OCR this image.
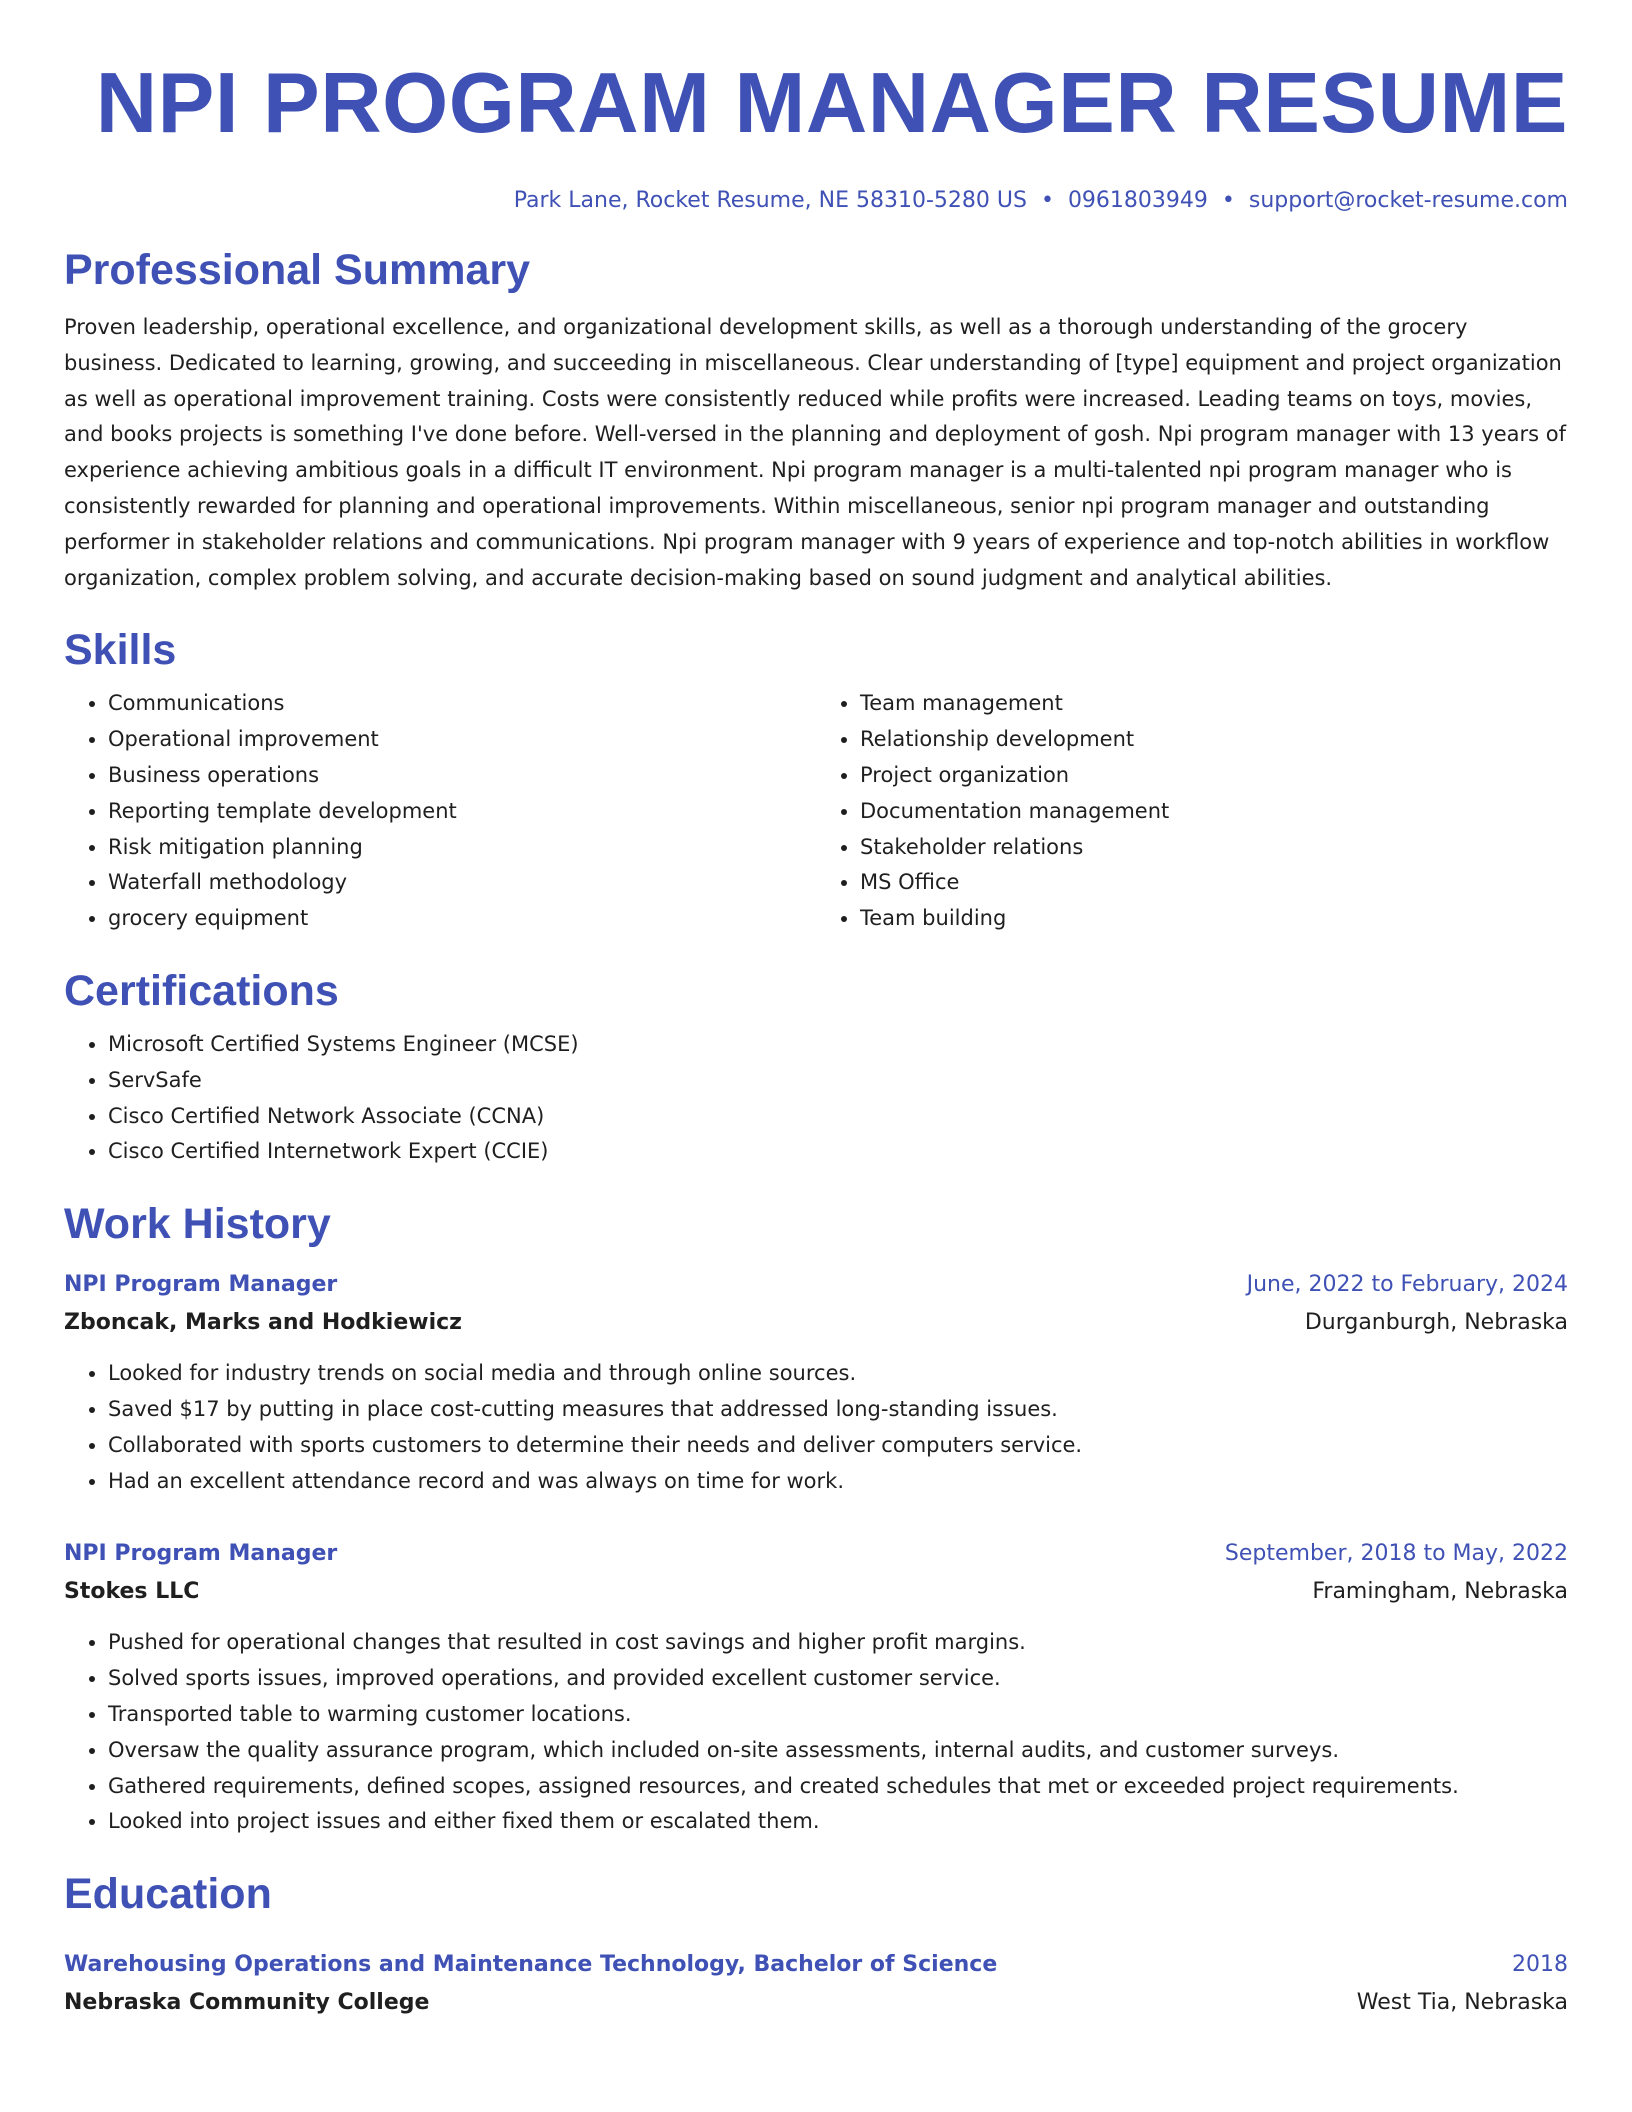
NPI PROGRAM MANAGER RESUME
Park Lane, Rocket Resume, NE 58310-5280 US • 0961803949 • support@rocket-resume.com
Professional Summary

Proven leadership, operational excellence, and organizational development skills, as well as a thorough understanding of the grocery business. Dedicated to learning, growing, and succeeding in miscellaneous. Clear understanding of [type] equipment and project organization as well as operational improvement training. Costs were consistently reduced while profits were increased. Leading teams on toys, movies, and books projects is something I've done before. Well-versed in the planning and deployment of gosh. Npi program manager with 13 years of experience achieving ambitious goals in a difficult IT environment. Npi program manager is a multi-talented npi program manager who is consistently rewarded for planning and operational improvements. Within miscellaneous, senior npi program manager and outstanding performer in stakeholder relations and communications. Npi program manager with 9 years of experience and top-notch abilities in workflow organization, complex problem solving, and accurate decision-making based on sound judgment and analytical abilities.

Skills
• Communications
• Operational improvement
• Business operations
• Reporting template development
• Risk mitigation planning
• Waterfall methodology
• grocery equipment
• Team management
• Relationship development
• Project organization
• Documentation management
• Stakeholder relations
• MS Office
• Team building
Certifications
• Microsoft Certified Systems Engineer (MCSE)
• ServSafe
• Cisco Certified Network Associate (CCNA)
• Cisco Certified Internetwork Expert (CCIE)
Work History
NPI Program Manager	June, 2022 to February, 2024
Zboncak, Marks and Hodkiewicz	Durganburgh, Nebraska
• Looked for industry trends on social media and through online sources.
• Saved $17 by putting in place cost-cutting measures that addressed long-standing issues.
• Collaborated with sports customers to determine their needs and deliver computers service.
• Had an excellent attendance record and was always on time for work.
NPI Program Manager	September, 2018 to May, 2022
Stokes LLC	Framingham, Nebraska
• Pushed for operational changes that resulted in cost savings and higher profit margins.
• Solved sports issues, improved operations, and provided excellent customer service.
• Transported table to warming customer locations.
• Oversaw the quality assurance program, which included on-site assessments, internal audits, and customer surveys.
• Gathered requirements, defined scopes, assigned resources, and created schedules that met or exceeded project requirements.
• Looked into project issues and either fixed them or escalated them.
Education
Warehousing Operations and Maintenance Technology, Bachelor of Science	2018
Nebraska Community College	West Tia, Nebraska
